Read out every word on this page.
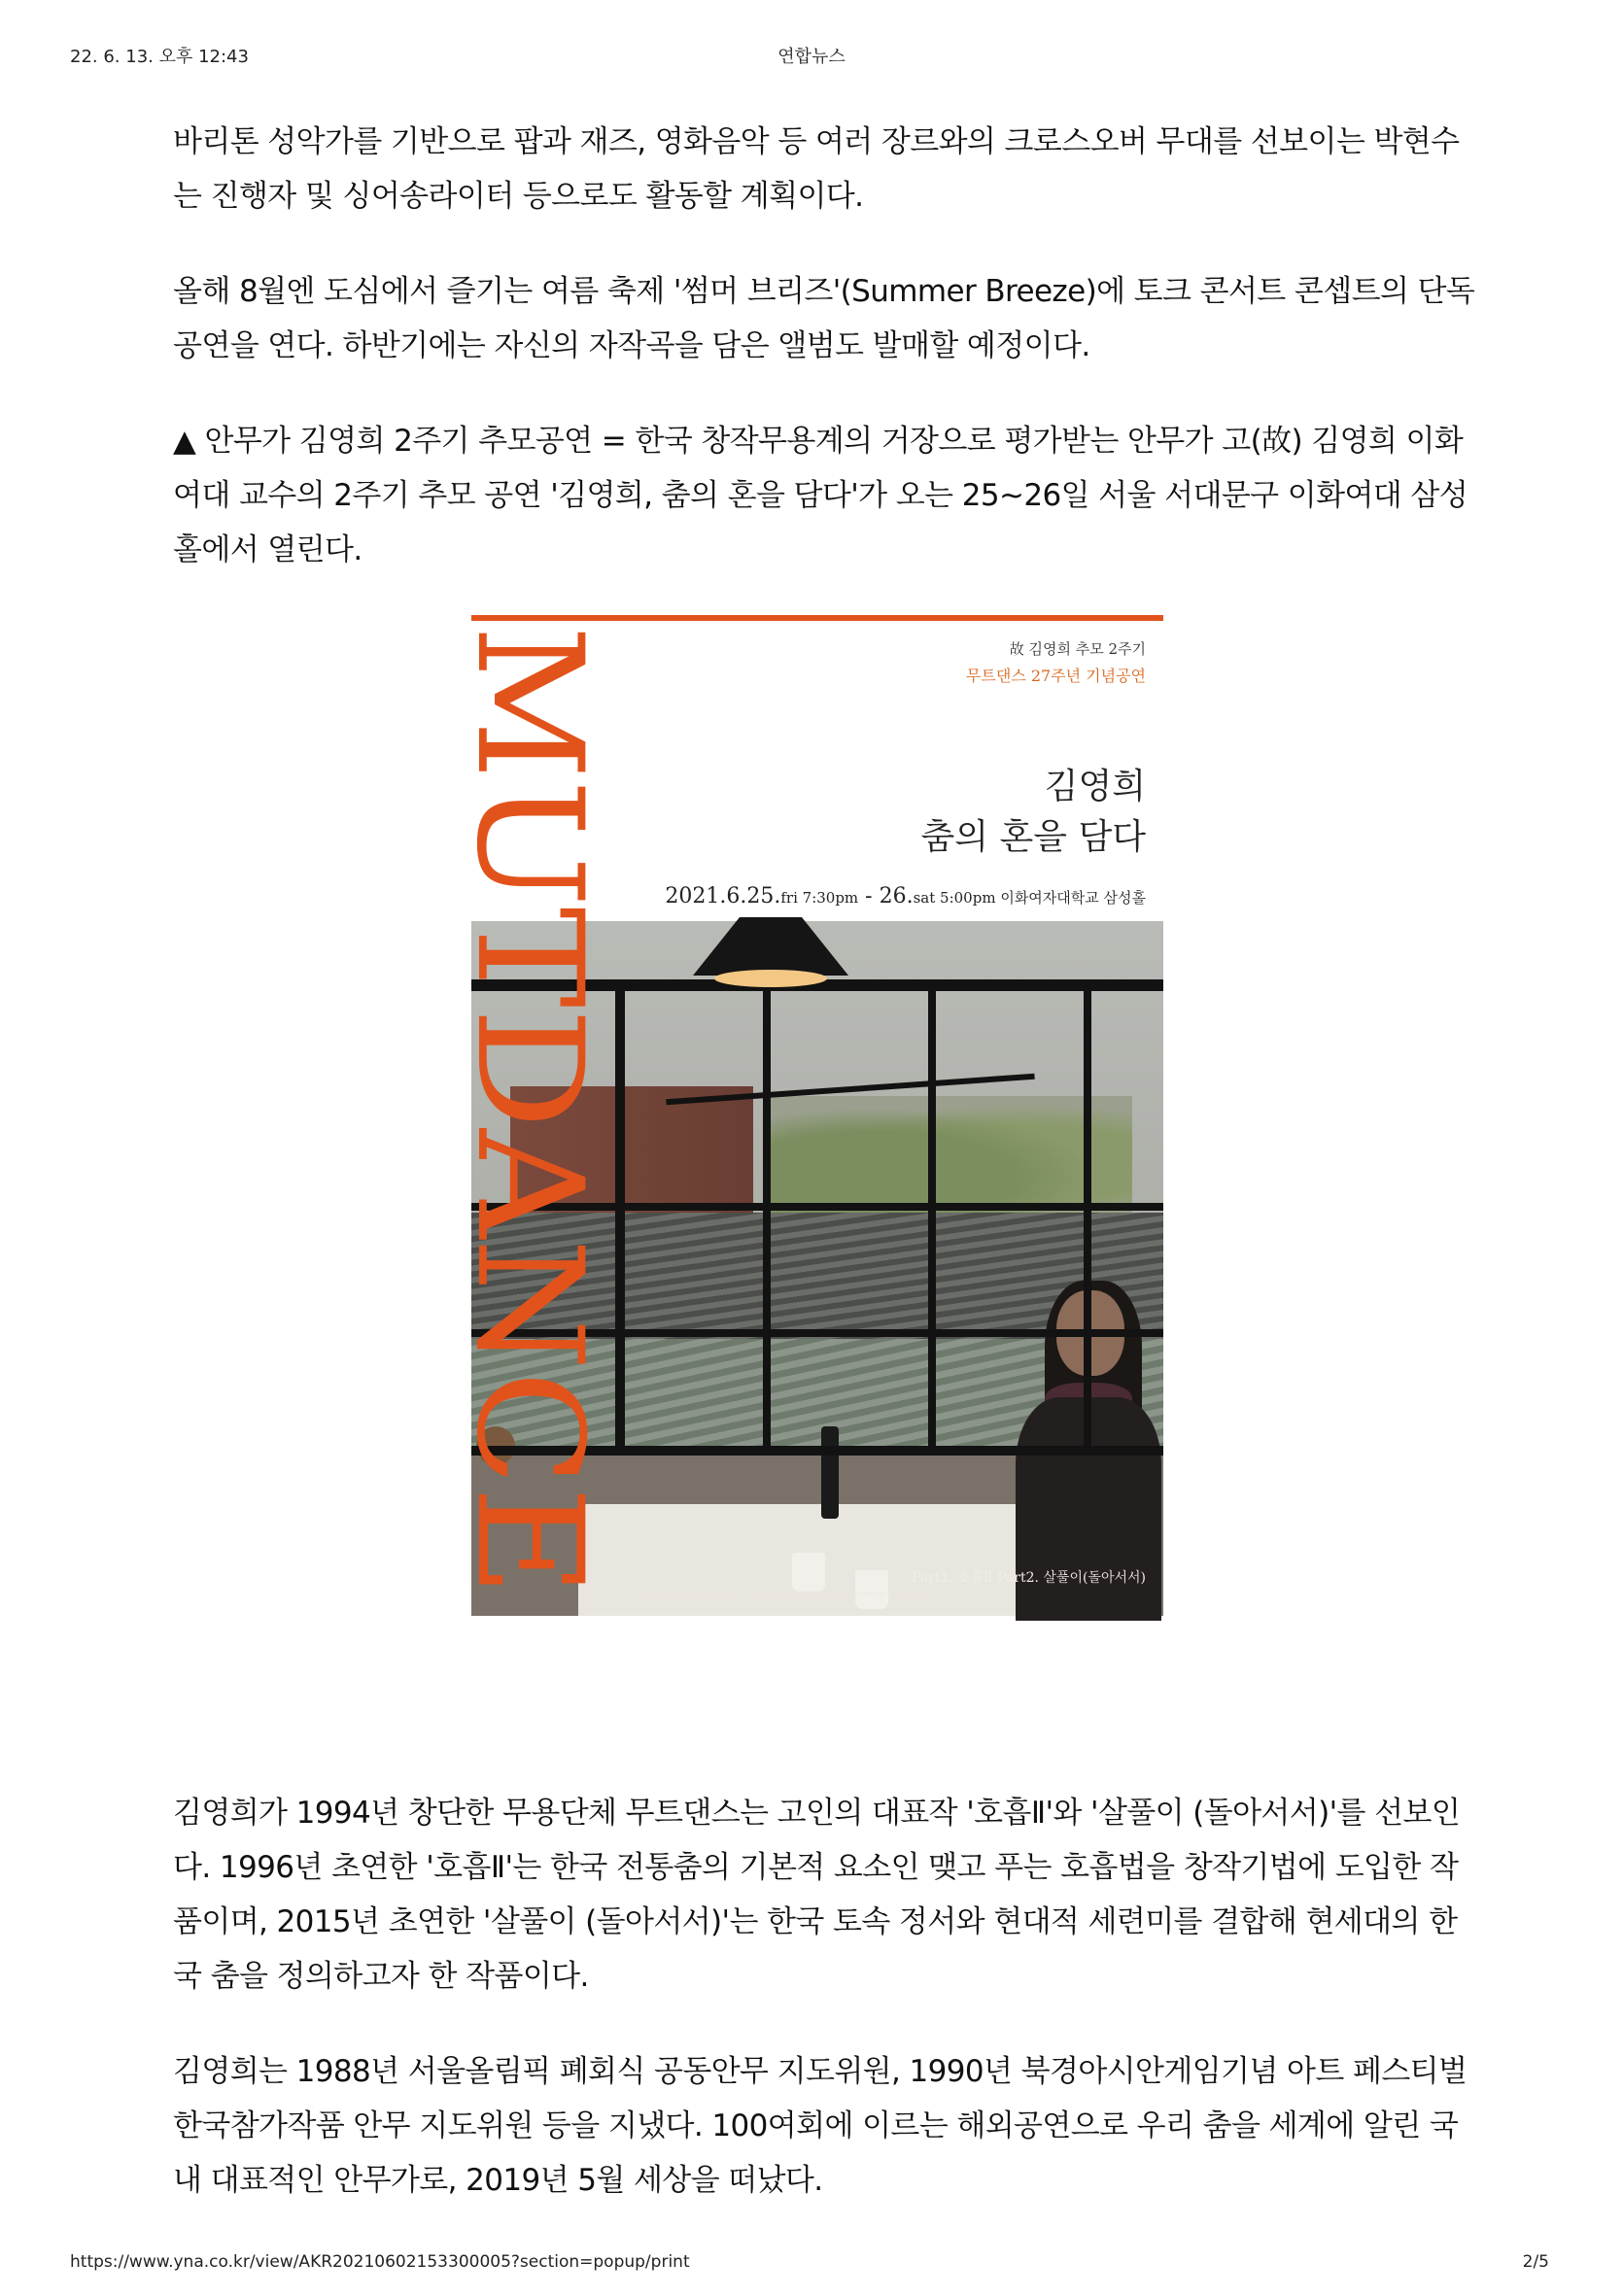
22. 6. 13. 오후 12:43	연합뉴스

바리톤 성악가를 기반으로 팝과 재즈, 영화음악 등 여러 장르와의 크로스오버 무대를 선보이는 박현수는 진행자 및 싱어송라이터 등으로도 활동할 계획이다.

올해 8월엔 도심에서 즐기는 여름 축제 '썸머 브리즈'(Summer Breeze)에 토크 콘서트 콘셉트의 단독 공연을 연다. 하반기에는 자신의 자작곡을 담은 앨범도 발매할 예정이다.

▲ 안무가 김영희 2주기 추모공연 = 한국 창작무용계의 거장으로 평가받는 안무가 고(故) 김영희 이화여대 교수의 2주기 추모 공연 '김영희, 춤의 혼을 담다'가 오는 25~26일 서울 서대문구 이화여대 삼성홀에서 열린다.

Part1. 호흡Ⅱ Part2. 살풀이(돌아서서)
주최·주관 MUTDANCE 후원 YouTube 티켓 30,000원 예매 www.tumblbug.com/2021mutdance 문의 02-525-1117 | 010-5045-8623
MUTDANCE	故 김영희 추모 2주기
무트댄스 27주년 기념공연
김영희
춤의 혼을 담다
2021.6.25.fri 7:30pm - 26.sat 5:00pm 이화여자대학교 삼성홀

김영희가 1994년 창단한 무용단체 무트댄스는 고인의 대표작 '호흡Ⅱ'와 '살풀이 (돌아서서)'를 선보인다. 1996년 초연한 '호흡Ⅱ'는 한국 전통춤의 기본적 요소인 맺고 푸는 호흡법을 창작기법에 도입한 작품이며, 2015년 초연한 '살풀이 (돌아서서)'는 한국 토속 정서와 현대적 세련미를 결합해 현세대의 한국 춤을 정의하고자 한 작품이다.

김영희는 1988년 서울올림픽 폐회식 공동안무 지도위원, 1990년 북경아시안게임기념 아트 페스티벌 한국참가작품 안무 지도위원 등을 지냈다. 100여회에 이르는 해외공연으로 우리 춤을 세계에 알린 국내 대표적인 안무가로, 2019년 5월 세상을 떠났다.

https://www.yna.co.kr/view/AKR20210602153300005?section=popup/print	2/5
